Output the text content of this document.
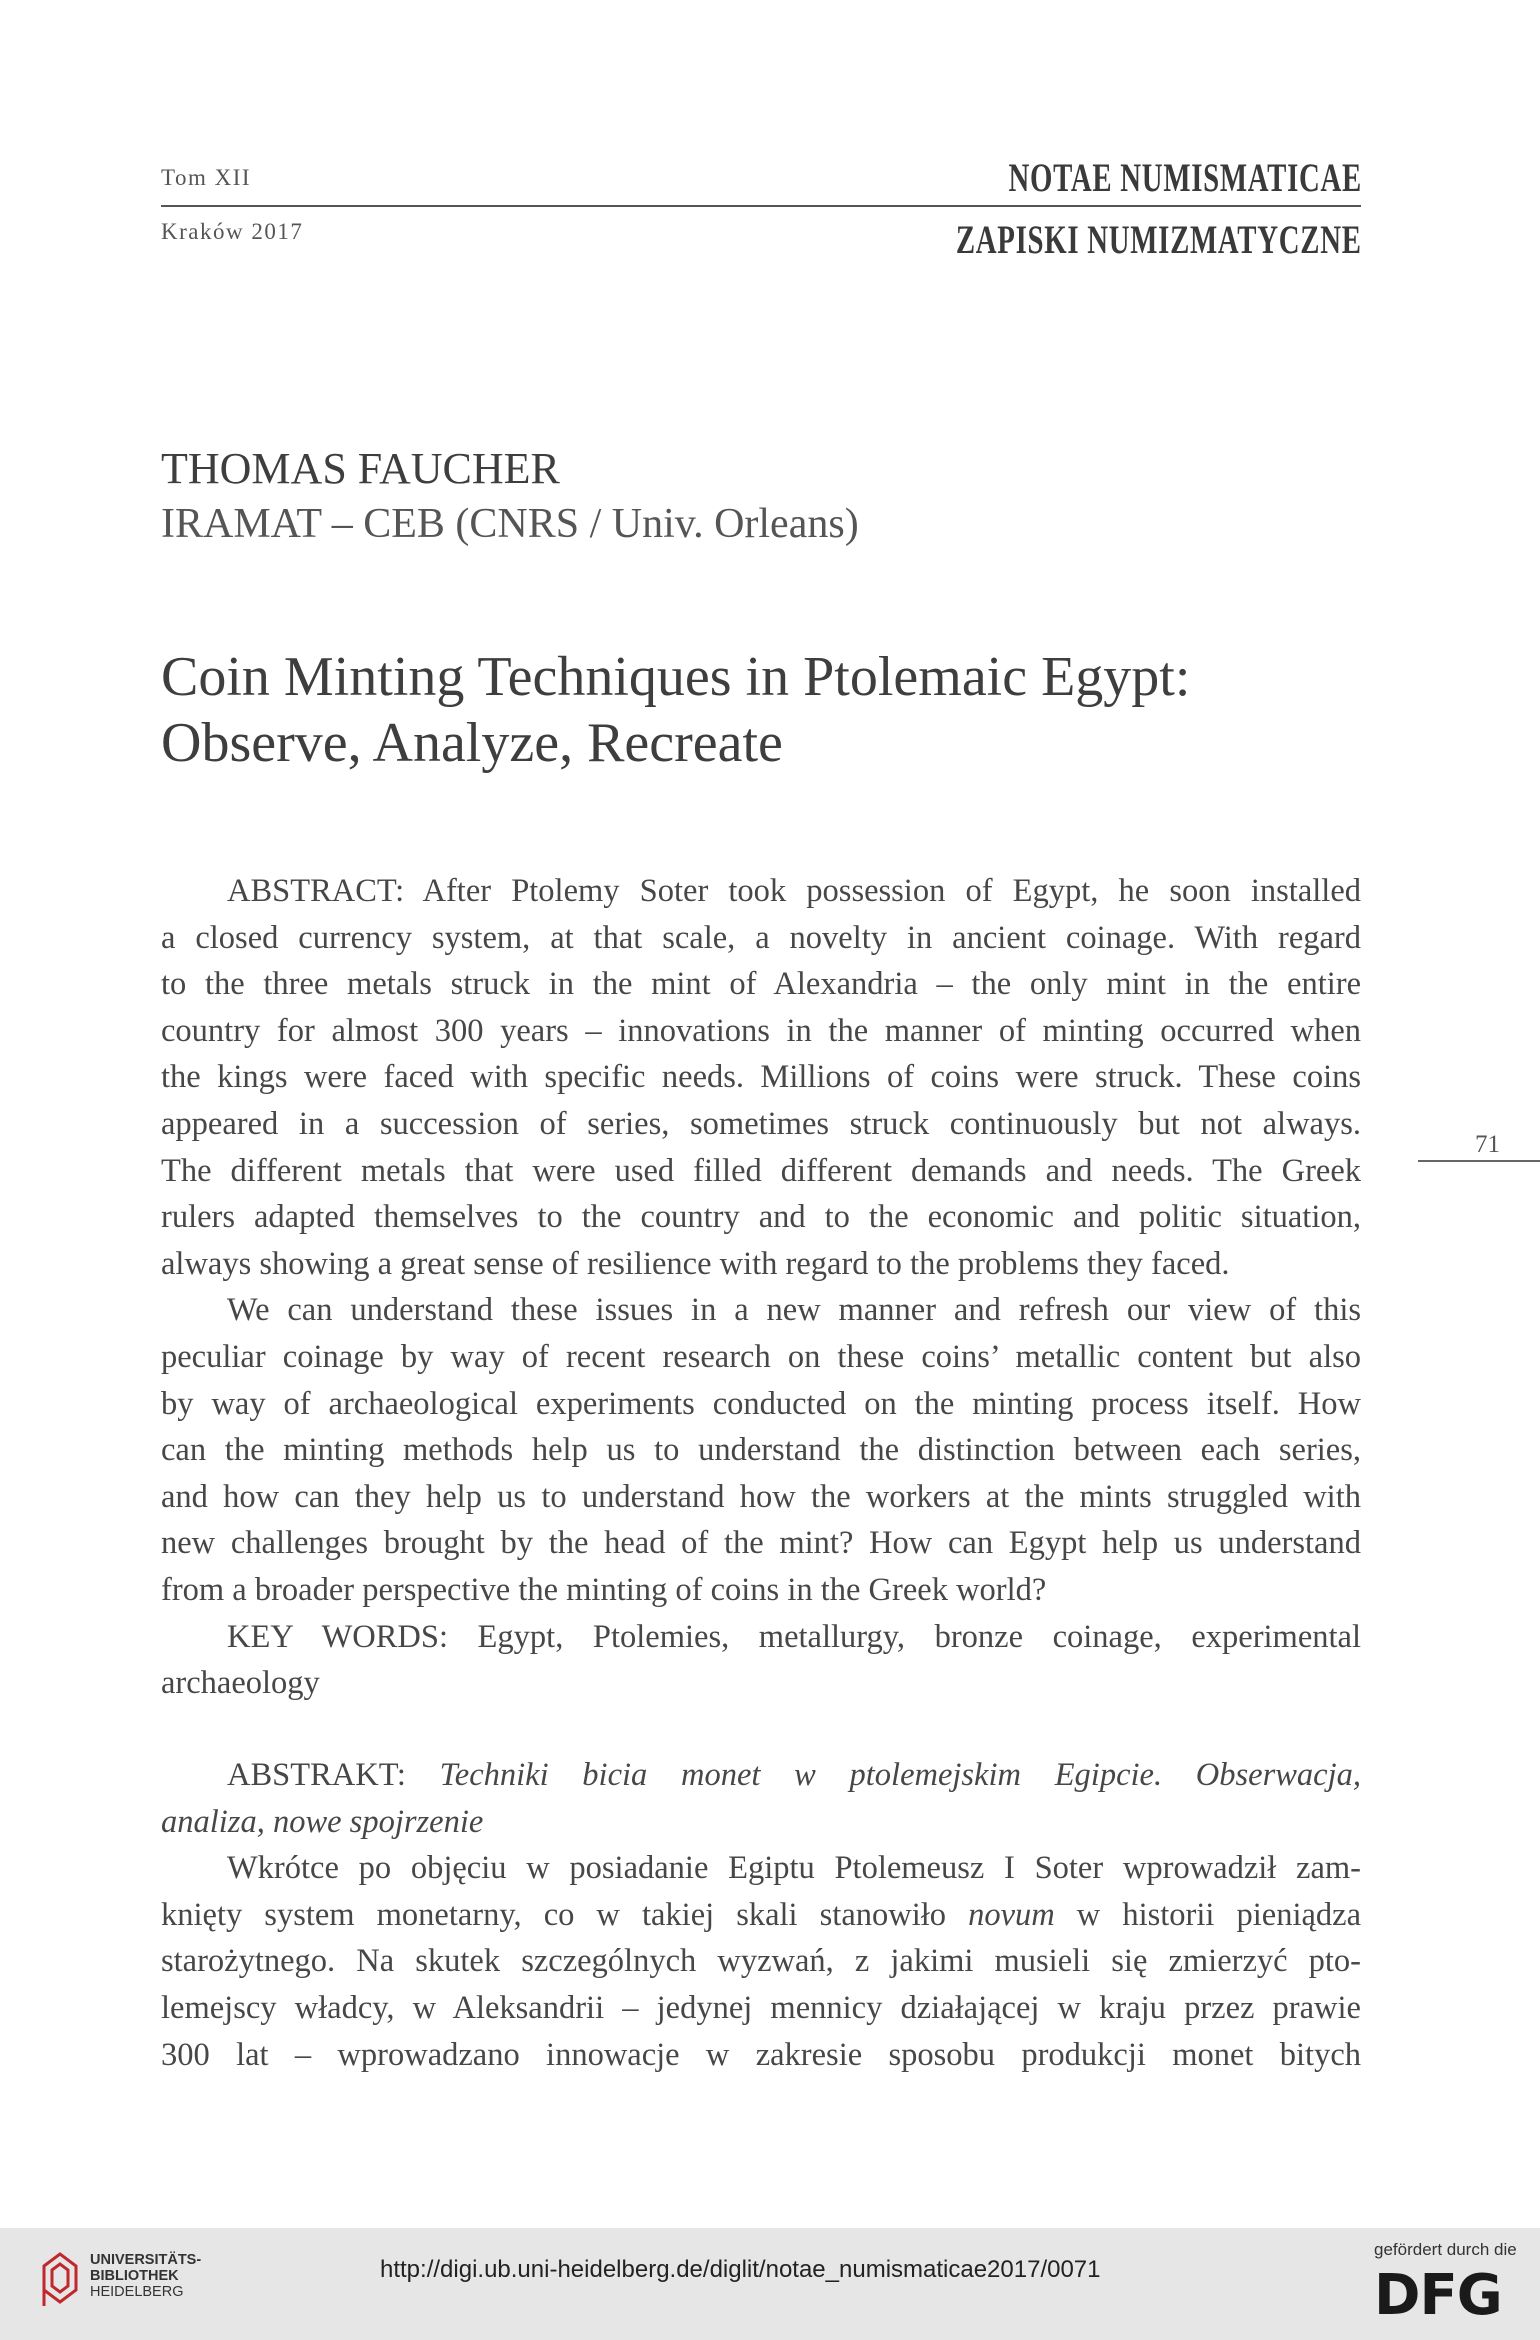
Tom XII
Kraków 2017
NOTAE NUMISMATICAE
ZAPISKI NUMIZMATYCZNE
THOMAS FAUCHER
IRAMAT – CEB (CNRS / Univ. Orleans)
Coin Minting Techniques in Ptolemaic Egypt:
Observe, Analyze, Recreate
ABSTRACT: After Ptolemy Soter took possession of Egypt, he soon installed
a closed currency system, at that scale, a novelty in ancient coinage. With regard
to the three metals struck in the mint of Alexandria – the only mint in the entire
country for almost 300 years – innovations in the manner of minting occurred when
the kings were faced with specific needs. Millions of coins were struck. These coins
appeared in a succession of series, sometimes struck continuously but not always.
The different metals that were used filled different demands and needs. The Greek
rulers adapted themselves to the country and to the economic and politic situation,
always showing a great sense of resilience with regard to the problems they faced.
We can understand these issues in a new manner and refresh our view of this
peculiar coinage by way of recent research on these coins’ metallic content but also
by way of archaeological experiments conducted on the minting process itself. How
can the minting methods help us to understand the distinction between each series,
and how can they help us to understand how the workers at the mints struggled with
new challenges brought by the head of the mint? How can Egypt help us understand
from a broader perspective the minting of coins in the Greek world?
KEY WORDS: Egypt, Ptolemies, metallurgy, bronze coinage, experimental
archaeology
71
ABSTRAKT: Techniki bicia monet w ptolemejskim Egipcie. Obserwacja,
analiza, nowe spojrzenie
Wkrótce po objęciu w posiadanie Egiptu Ptolemeusz I Soter wprowadził zam-
knięty system monetarny, co w takiej skali stanowiło novum w historii pieniądza
starożytnego. Na skutek szczególnych wyzwań, z jakimi musieli się zmierzyć pto-
lemejscy władcy, w Aleksandrii – jedynej mennicy działającej w kraju przez prawie
300 lat – wprowadzano innowacje w zakresie sposobu produkcji monet bitych
UNIVERSITÄTS-
BIBLIOTHEK
HEIDELBERG
http://digi.ub.uni-heidelberg.de/diglit/notae_numismaticae2017/0071
gefördert durch die
DFG
